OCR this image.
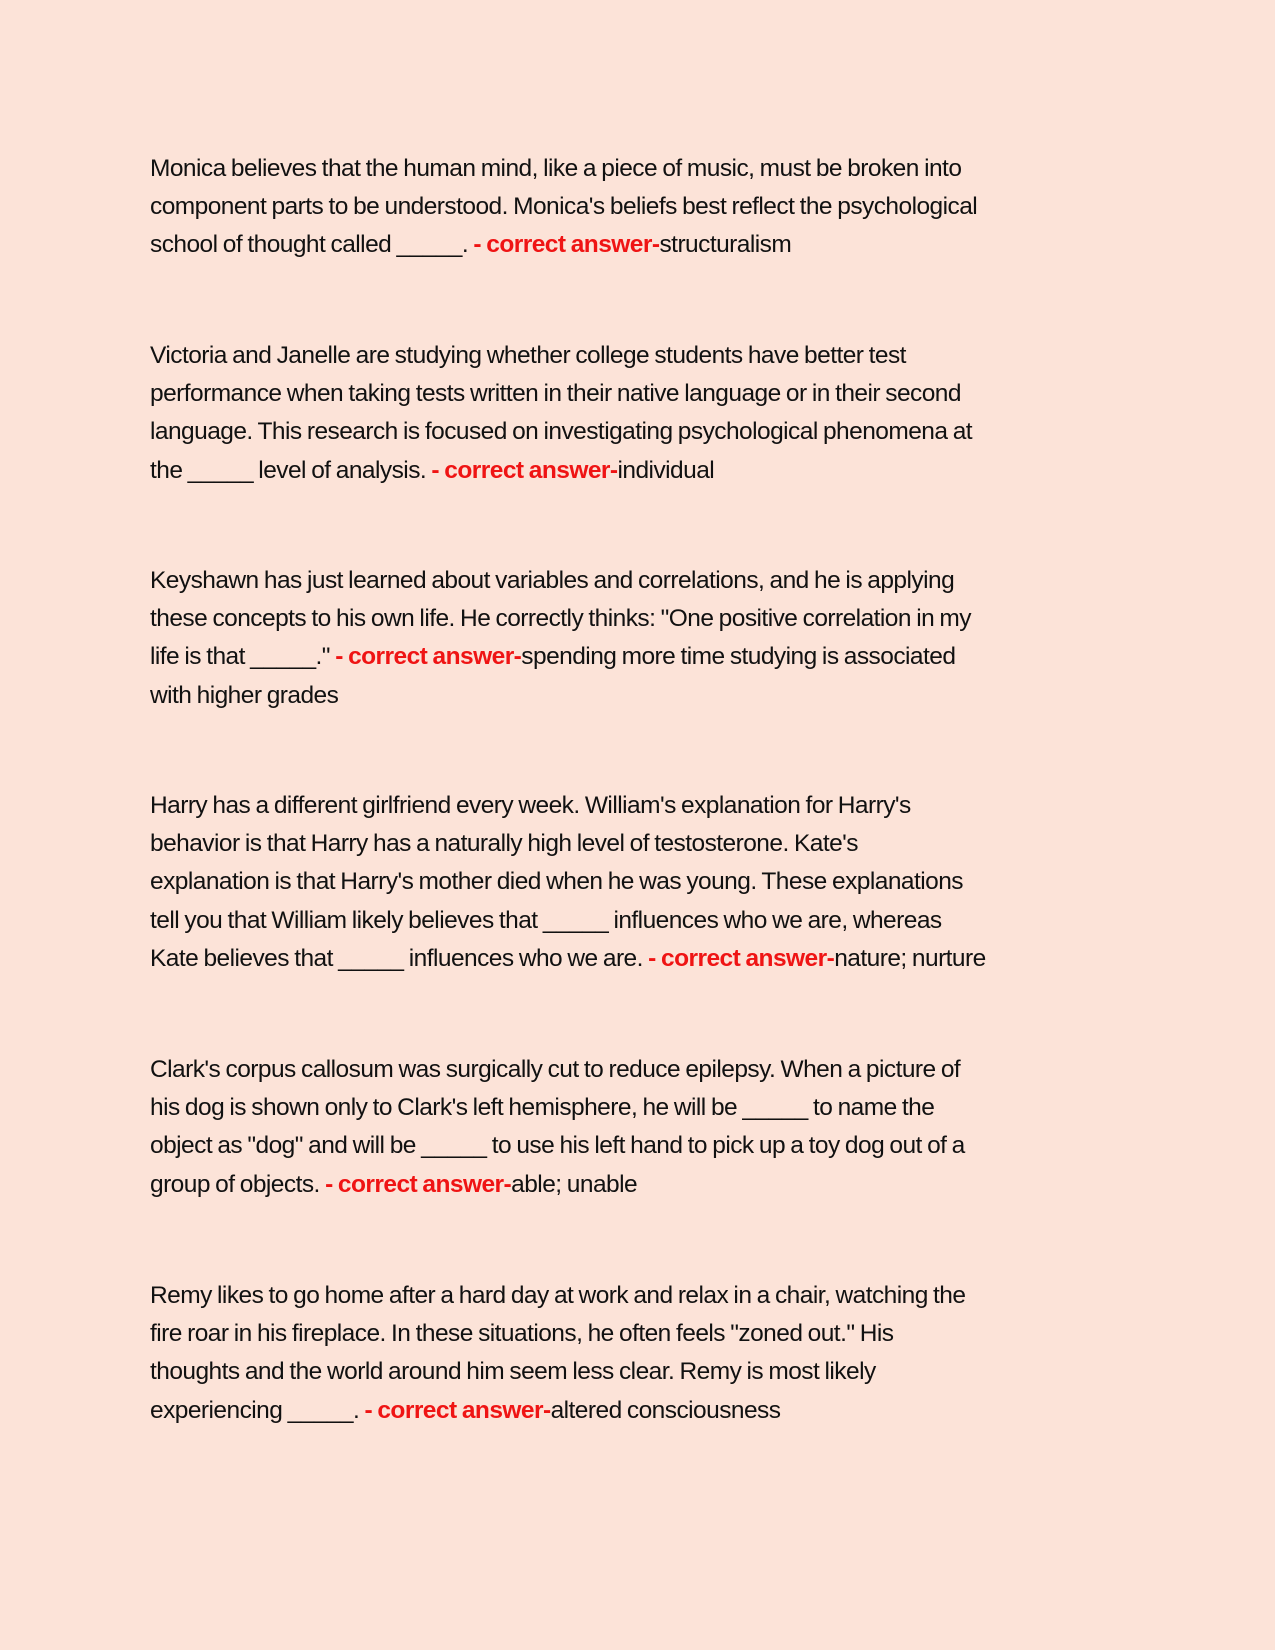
Monica believes that the human mind, like a piece of music, must be broken into
component parts to be understood. Monica's beliefs best reflect the psychological
school of thought called _____. - correct answer-structuralism

Victoria and Janelle are studying whether college students have better test
performance when taking tests written in their native language or in their second
language. This research is focused on investigating psychological phenomena at
the _____ level of analysis. - correct answer-individual

Keyshawn has just learned about variables and correlations, and he is applying
these concepts to his own life. He correctly thinks: "One positive correlation in my
life is that _____." - correct answer-spending more time studying is associated
with higher grades

Harry has a different girlfriend every week. William's explanation for Harry's
behavior is that Harry has a naturally high level of testosterone. Kate's
explanation is that Harry's mother died when he was young. These explanations
tell you that William likely believes that _____ influences who we are, whereas
Kate believes that _____ influences who we are. - correct answer-nature; nurture

Clark's corpus callosum was surgically cut to reduce epilepsy. When a picture of
his dog is shown only to Clark's left hemisphere, he will be _____ to name the
object as "dog" and will be _____ to use his left hand to pick up a toy dog out of a
group of objects. - correct answer-able; unable

Remy likes to go home after a hard day at work and relax in a chair, watching the
fire roar in his fireplace. In these situations, he often feels "zoned out." His
thoughts and the world around him seem less clear. Remy is most likely
experiencing _____. - correct answer-altered consciousness
